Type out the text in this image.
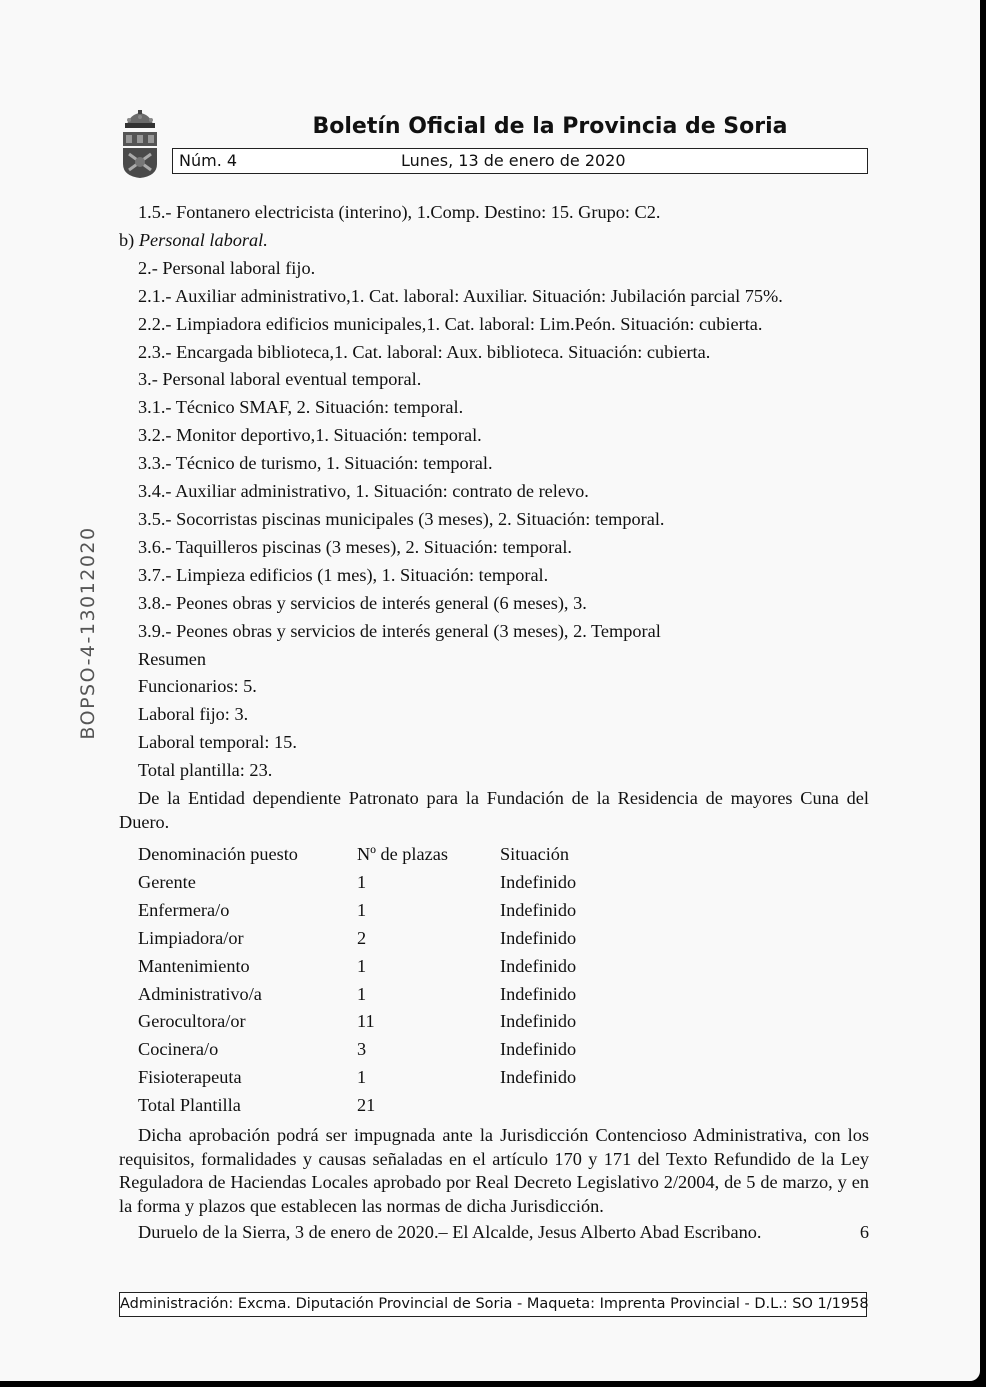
BOPSO-4-13012020
Boletín Oficial de la Provincia de Soria
Núm. 4	Lunes, 13 de enero de 2020

1.5.- Fontanero electricista (interino), 1.Comp. Destino: 15. Grupo: C2.

b) Personal laboral.

2.- Personal laboral fijo.

2.1.- Auxiliar administrativo,1. Cat. laboral: Auxiliar. Situación: Jubilación parcial 75%.

2.2.- Limpiadora edificios municipales,1. Cat. laboral: Lim.Peón. Situación: cubierta.

2.3.- Encargada biblioteca,1. Cat. laboral: Aux. biblioteca. Situación: cubierta.

3.- Personal laboral eventual temporal.

3.1.- Técnico SMAF, 2. Situación: temporal.

3.2.- Monitor deportivo,1. Situación: temporal.

3.3.- Técnico de turismo, 1. Situación: temporal.

3.4.- Auxiliar administrativo, 1. Situación: contrato de relevo.

3.5.- Socorristas piscinas municipales (3 meses), 2. Situación: temporal.

3.6.- Taquilleros piscinas (3 meses), 2. Situación: temporal.

3.7.- Limpieza edificios (1 mes), 1. Situación: temporal.

3.8.- Peones obras y servicios de interés general (6 meses), 3.

3.9.- Peones obras y servicios de interés general (3 meses), 2. Temporal

Resumen

Funcionarios: 5.

Laboral fijo: 3.

Laboral temporal: 15.

Total plantilla: 23.

De la Entidad dependiente Patronato para la Fundación de la Residencia de mayores Cuna del Duero.

Denominación puesto	Nº de plazas	Situación
Gerente	1	Indefinido
Enfermera/o	1	Indefinido
Limpiadora/or	2	Indefinido
Mantenimiento	1	Indefinido
Administrativo/a	1	Indefinido
Gerocultora/or	11	Indefinido
Cocinera/o	3	Indefinido
Fisioterapeuta	1	Indefinido
Total Plantilla	21	

Dicha aprobación podrá ser impugnada ante la Jurisdicción Contencioso Administrativa, con los requisitos, formalidades y causas señaladas en el artículo 170 y 171 del Texto Refundido de la Ley Reguladora de Haciendas Locales aprobado por Real Decreto Legislativo 2/2004, de 5 de marzo, y en la forma y plazos que establecen las normas de dicha Jurisdicción.

Duruelo de la Sierra, 3 de enero de 2020.– El Alcalde, Jesus Alberto Abad Escribano.	6

Administración: Excma. Diputación Provincial de Soria - Maqueta: Imprenta Provincial - D.L.: SO 1/1958
